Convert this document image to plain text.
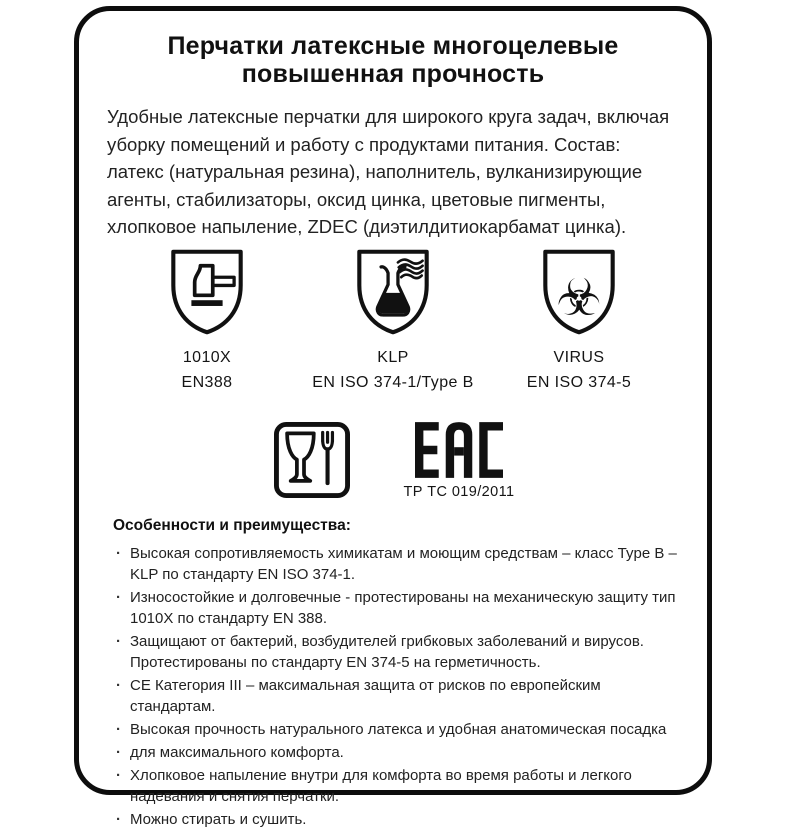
Перчатки латексные многоцелевые
повышенная прочность

Удобные латексные перчатки для широкого круга задач, включая уборку помещений и работу с продуктами питания. Состав: латекс (натуральная резина), наполнитель, вулканизирующие агенты, стабилизаторы, оксид цинка, цветовые пигменты, хлопковое напыление, ZDEC (диэтилдитиокарбамат цинка).

1010X
EN388
KLP
EN ISO 374-1/Type B
☣
VIRUS
EN ISO 374-5
ТР ТС 019/2011

Особенности и преимущества:

· Высокая сопротивляемость химикатам и моющим средствам – класс Type B – KLP по стандарту EN ISO 374-1.
· Износостойкие и долговечные - протестированы на механическую защиту тип 1010X по стандарту EN 388.
· Защищают от бактерий, возбудителей грибковых заболеваний и вирусов. Протестированы по стандарту EN 374-5 на герметичность.
· CE Категория III – максимальная защита от рисков по европейским стандартам.
· Высокая прочность натурального латекса и удобная анатомическая посадка
· для максимального комфорта.
· Хлопковое напыление внутри для комфорта во время работы и легкого надевания и снятия перчатки.
· Можно стирать и сушить.
